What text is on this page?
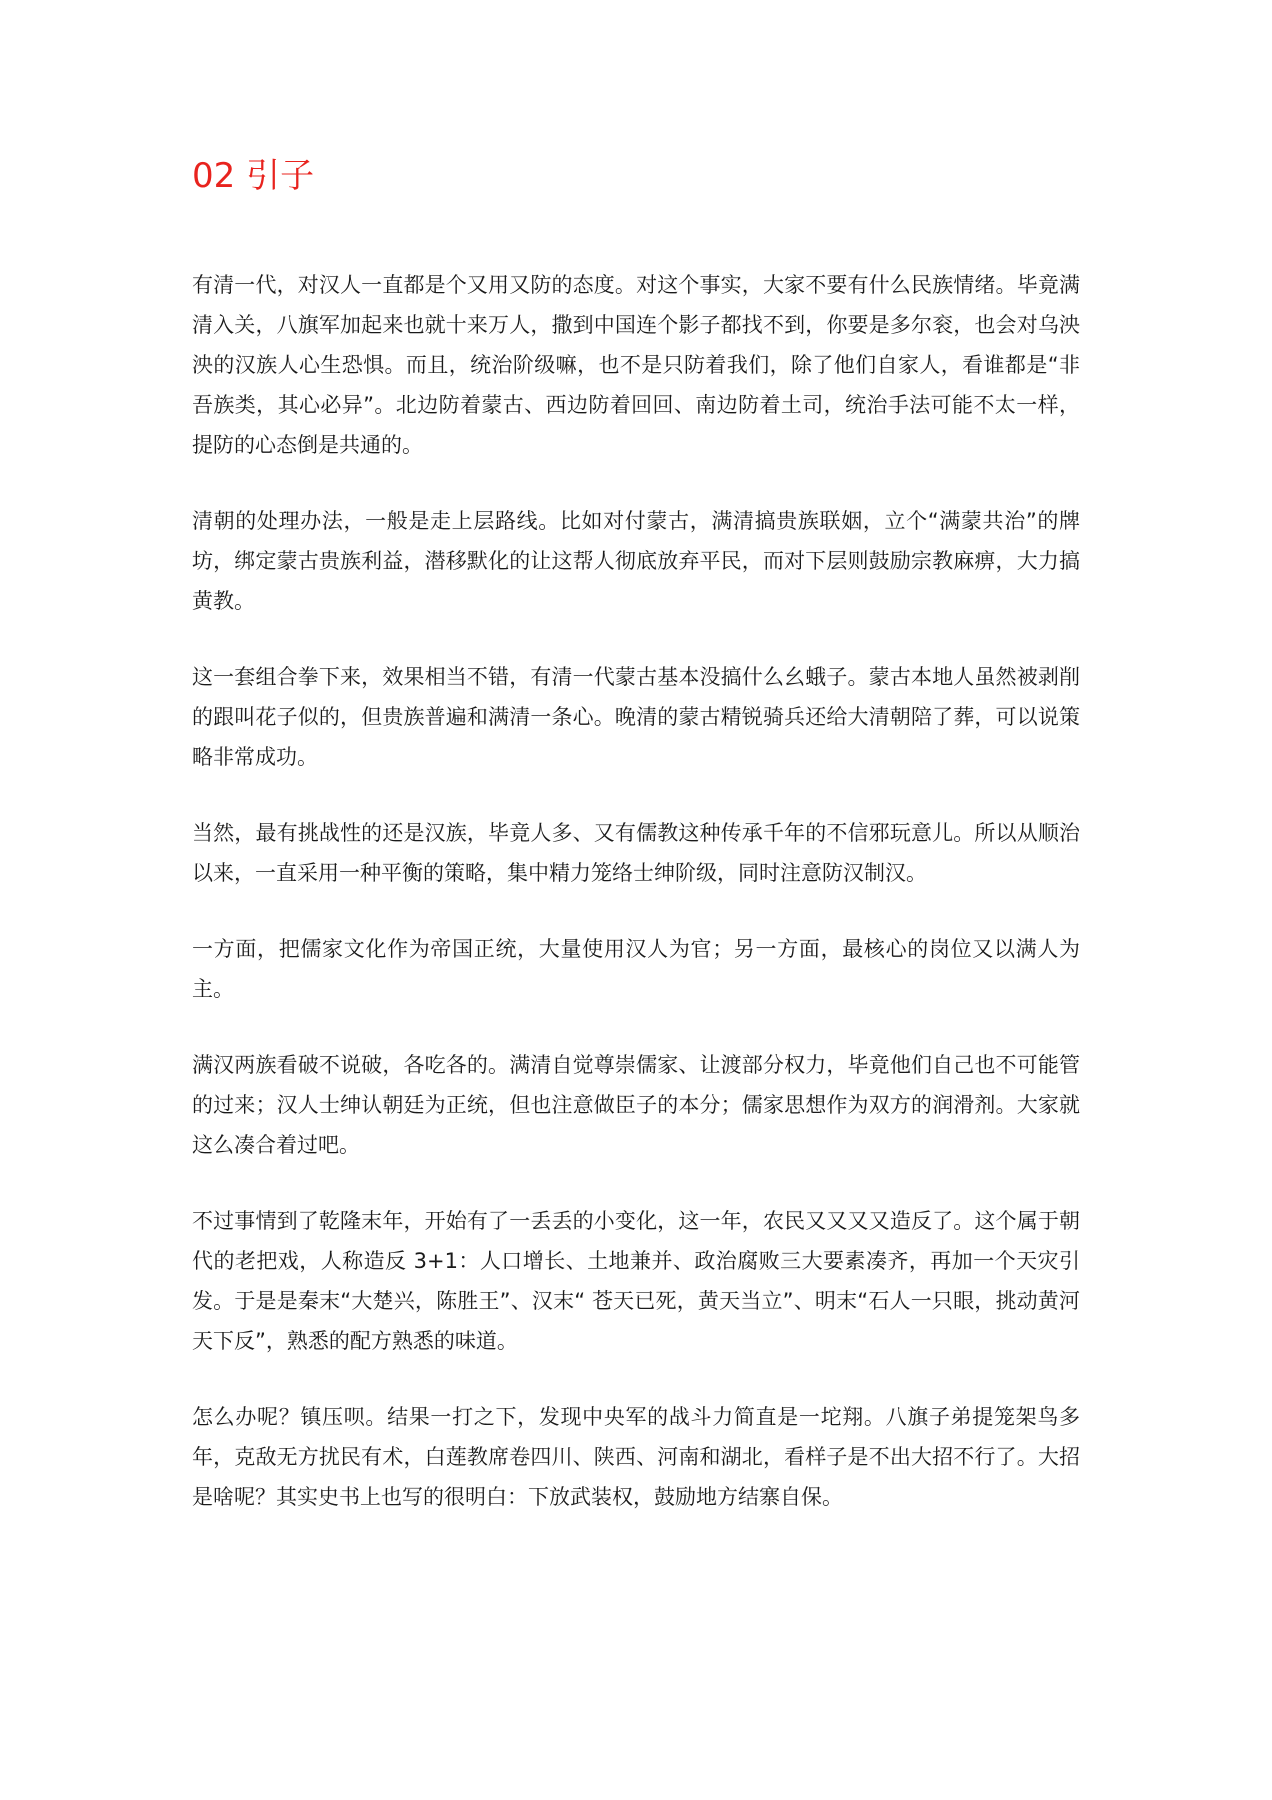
02 引子

有清一代，对汉人一直都是个又用又防的态度。对这个事实，大家不要有什么民族情绪。毕竟满清入关，八旗军加起来也就十来万人，撒到中国连个影子都找不到，你要是多尔衮，也会对乌泱泱的汉族人心生恐惧。而且，统治阶级嘛，也不是只防着我们，除了他们自家人，看谁都是“非吾族类，其心必异”。北边防着蒙古、西边防着回回、南边防着土司，统治手法可能不太一样，提防的心态倒是共通的。

清朝的处理办法，一般是走上层路线。比如对付蒙古，满清搞贵族联姻，立个“满蒙共治”的牌坊，绑定蒙古贵族利益，潜移默化的让这帮人彻底放弃平民，而对下层则鼓励宗教麻痹，大力搞黄教。

这一套组合拳下来，效果相当不错，有清一代蒙古基本没搞什么幺蛾子。蒙古本地人虽然被剥削的跟叫花子似的，但贵族普遍和满清一条心。晚清的蒙古精锐骑兵还给大清朝陪了葬，可以说策略非常成功。

当然，最有挑战性的还是汉族，毕竟人多、又有儒教这种传承千年的不信邪玩意儿。所以从顺治以来，一直采用一种平衡的策略，集中精力笼络士绅阶级，同时注意防汉制汉。

一方面，把儒家文化作为帝国正统，大量使用汉人为官；另一方面，最核心的岗位又以满人为主。

满汉两族看破不说破，各吃各的。满清自觉尊崇儒家、让渡部分权力，毕竟他们自己也不可能管的过来；汉人士绅认朝廷为正统，但也注意做臣子的本分；儒家思想作为双方的润滑剂。大家就这么凑合着过吧。

不过事情到了乾隆末年，开始有了一丢丢的小变化，这一年，农民又又又又造反了。这个属于朝代的老把戏，人称造反 3+1：人口增长、土地兼并、政治腐败三大要素凑齐，再加一个天灾引发。于是是秦末“大楚兴，陈胜王”、汉末“ 苍天已死，黄天当立”、明末“石人一只眼，挑动黄河天下反”，熟悉的配方熟悉的味道。

怎么办呢？镇压呗。结果一打之下，发现中央军的战斗力简直是一坨翔。八旗子弟提笼架鸟多年，克敌无方扰民有术，白莲教席卷四川、陕西、河南和湖北，看样子是不出大招不行了。大招是啥呢？其实史书上也写的很明白：下放武装权，鼓励地方结寨自保。
